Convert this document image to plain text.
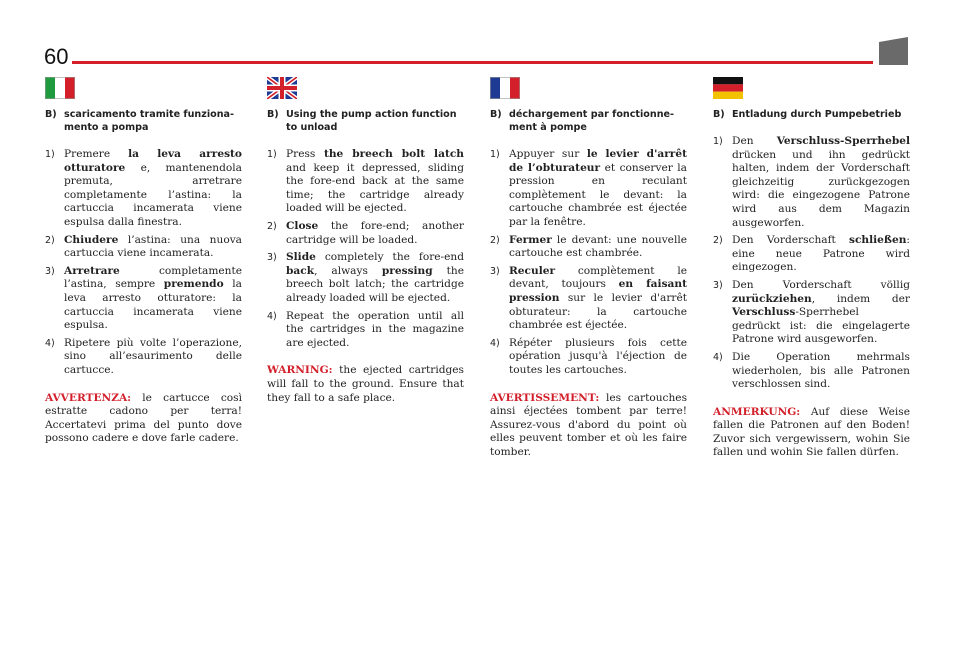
60
B) scaricamento tramite funziona-mento a pompa
1) Premere la leva arresto otturatore e, mantenendola premuta, arretrare completamente l’astina: la cartuccia incamerata viene espulsa dalla finestra.
2) Chiudere l’astina: una nuova cartuccia viene incamerata.
3) Arretrare completamente l’astina, sempre premendo la leva arresto otturatore: la cartuccia incamerata viene espulsa.
4) Ripetere più volte l’operazione, sino all’esaurimento delle cartucce.
AVVERTENZA: le cartucce così estratte cadono per terra! Accertatevi prima del punto dove possono cadere e dove farle cadere.
B) Using the pump action function to unload
1) Press the breech bolt latch and keep it depressed, sliding the fore-end back at the same time; the cartridge already loaded will be ejected.
2) Close the fore-end; another cartridge will be loaded.
3) Slide completely the fore-end back, always pressing the breech bolt latch; the cartridge already loaded will be ejected.
4) Repeat the operation until all the cartridges in the magazine are ejected.
WARNING: the ejected cartridges will fall to the ground. Ensure that they fall to a safe place.
B) déchargement par fonctionne-ment à pompe
1) Appuyer sur le levier d'arrêt de l’obturateur et conserver la pression en reculant complètement le devant: la cartouche chambrée est éjectée par la fenêtre.
2) Fermer le devant: une nouvelle cartouche est chambrée.
3) Reculer complètement le devant, toujours en faisant pression sur le levier d'arrêt obturateur: la cartouche chambrée est éjectée.
4) Répéter plusieurs fois cette opération jusqu'à l'éjection de toutes les cartouches.
AVERTISSEMENT: les cartouches ainsi éjectées tombent par terre! Assurez-vous d'abord du point où elles peuvent tomber et où les faire tomber.
B) Entladung durch Pumpebetrieb
1) Den Verschluss-Sperrhebel drücken und ihn gedrückt halten, indem der Vorderschaft gleichzeitig zurückgezogen wird: die eingezogene Patrone wird aus dem Magazin ausgeworfen.
2) Den Vorderschaft schließen: eine neue Patrone wird eingezogen.
3) Den Vorderschaft völlig zurückziehen, indem der Verschluss-Sperrhebel gedrückt ist: die eingelagerte Patrone wird ausgeworfen.
4) Die Operation mehrmals wiederholen, bis alle Patronen verschlossen sind.
ANMERKUNG: Auf diese Weise fallen die Patronen auf den Boden! Zuvor sich vergewissern, wohin Sie fallen und wohin Sie fallen dürfen.
